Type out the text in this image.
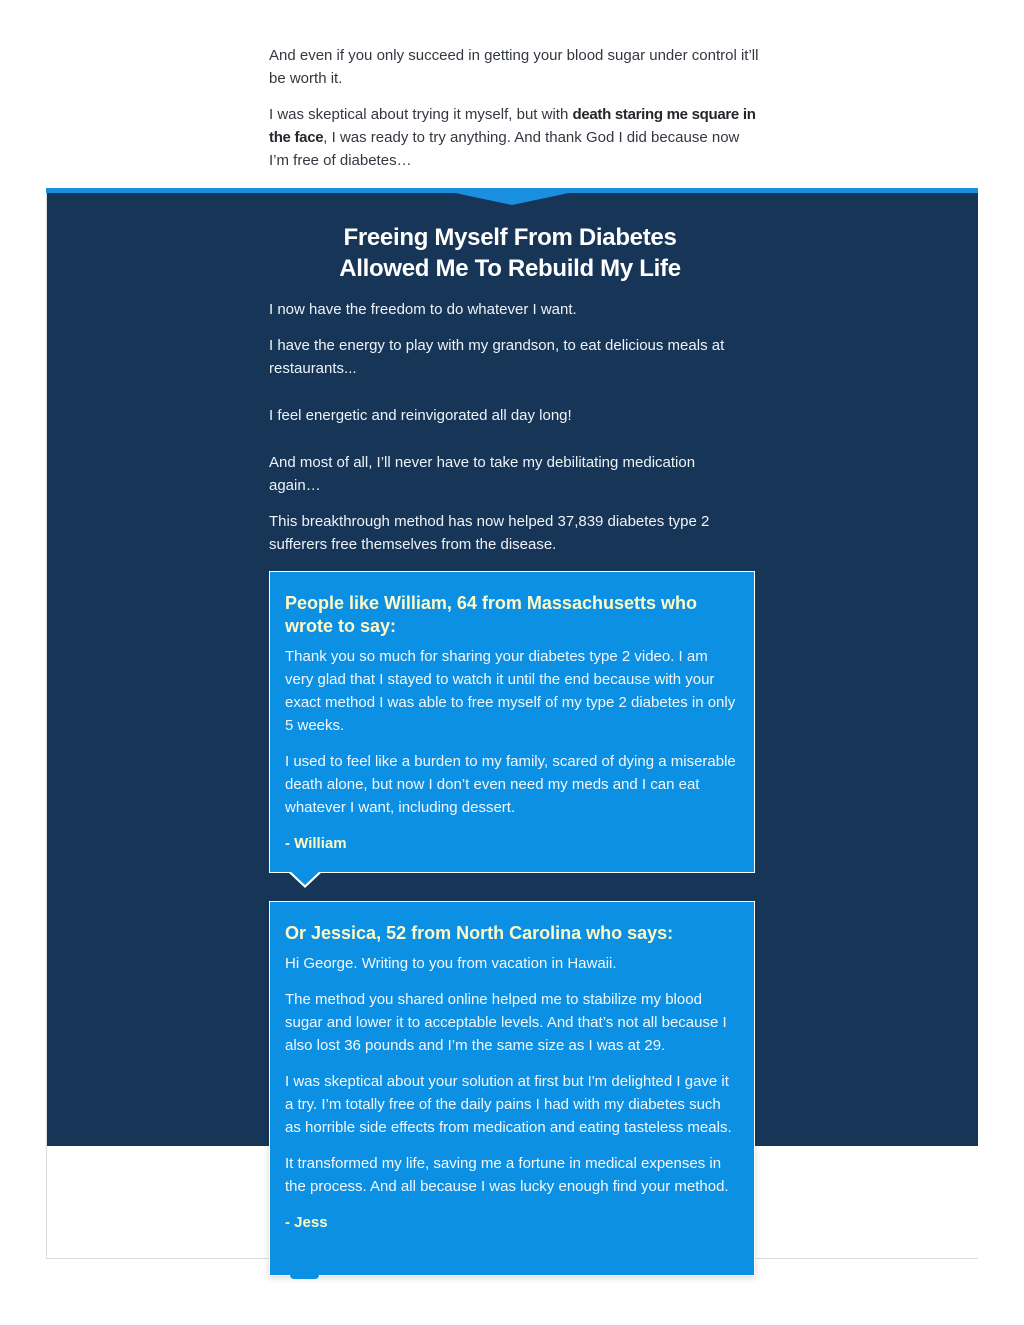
And even if you only succeed in getting your blood sugar under control it’ll be worth it.

I was skeptical about trying it myself, but with death staring me square in the face, I was ready to try anything. And thank God I did because now I’m free of diabetes…

Freeing Myself From Diabetes
Allowed Me To Rebuild My Life

I now have the freedom to do whatever I want.

I have the energy to play with my grandson, to eat delicious meals at restaurants...

I feel energetic and reinvigorated all day long!

And most of all, I’ll never have to take my debilitating medication again…

This breakthrough method has now helped 37,839 diabetes type 2 sufferers free themselves from the disease.

People like William, 64 from Massachusetts who wrote to say:

Thank you so much for sharing your diabetes type 2 video. I am very glad that I stayed to watch it until the end because with your exact method I was able to free myself of my type 2 diabetes in only 5 weeks.

I used to feel like a burden to my family, scared of dying a miserable death alone, but now I don’t even need my meds and I can eat whatever I want, including dessert.

- William

Or Jessica, 52 from North Carolina who says:

Hi George. Writing to you from vacation in Hawaii.

The method you shared online helped me to stabilize my blood sugar and lower it to acceptable levels. And that’s not all because I also lost 36 pounds and I’m the same size as I was at 29.

I was skeptical about your solution at first but I'm delighted I gave it a try. I’m totally free of the daily pains I had with my diabetes such as horrible side effects from medication and eating tasteless meals.

It transformed my life, saving me a fortune in medical expenses in the process. And all because I was lucky enough find your method.

- Jess
